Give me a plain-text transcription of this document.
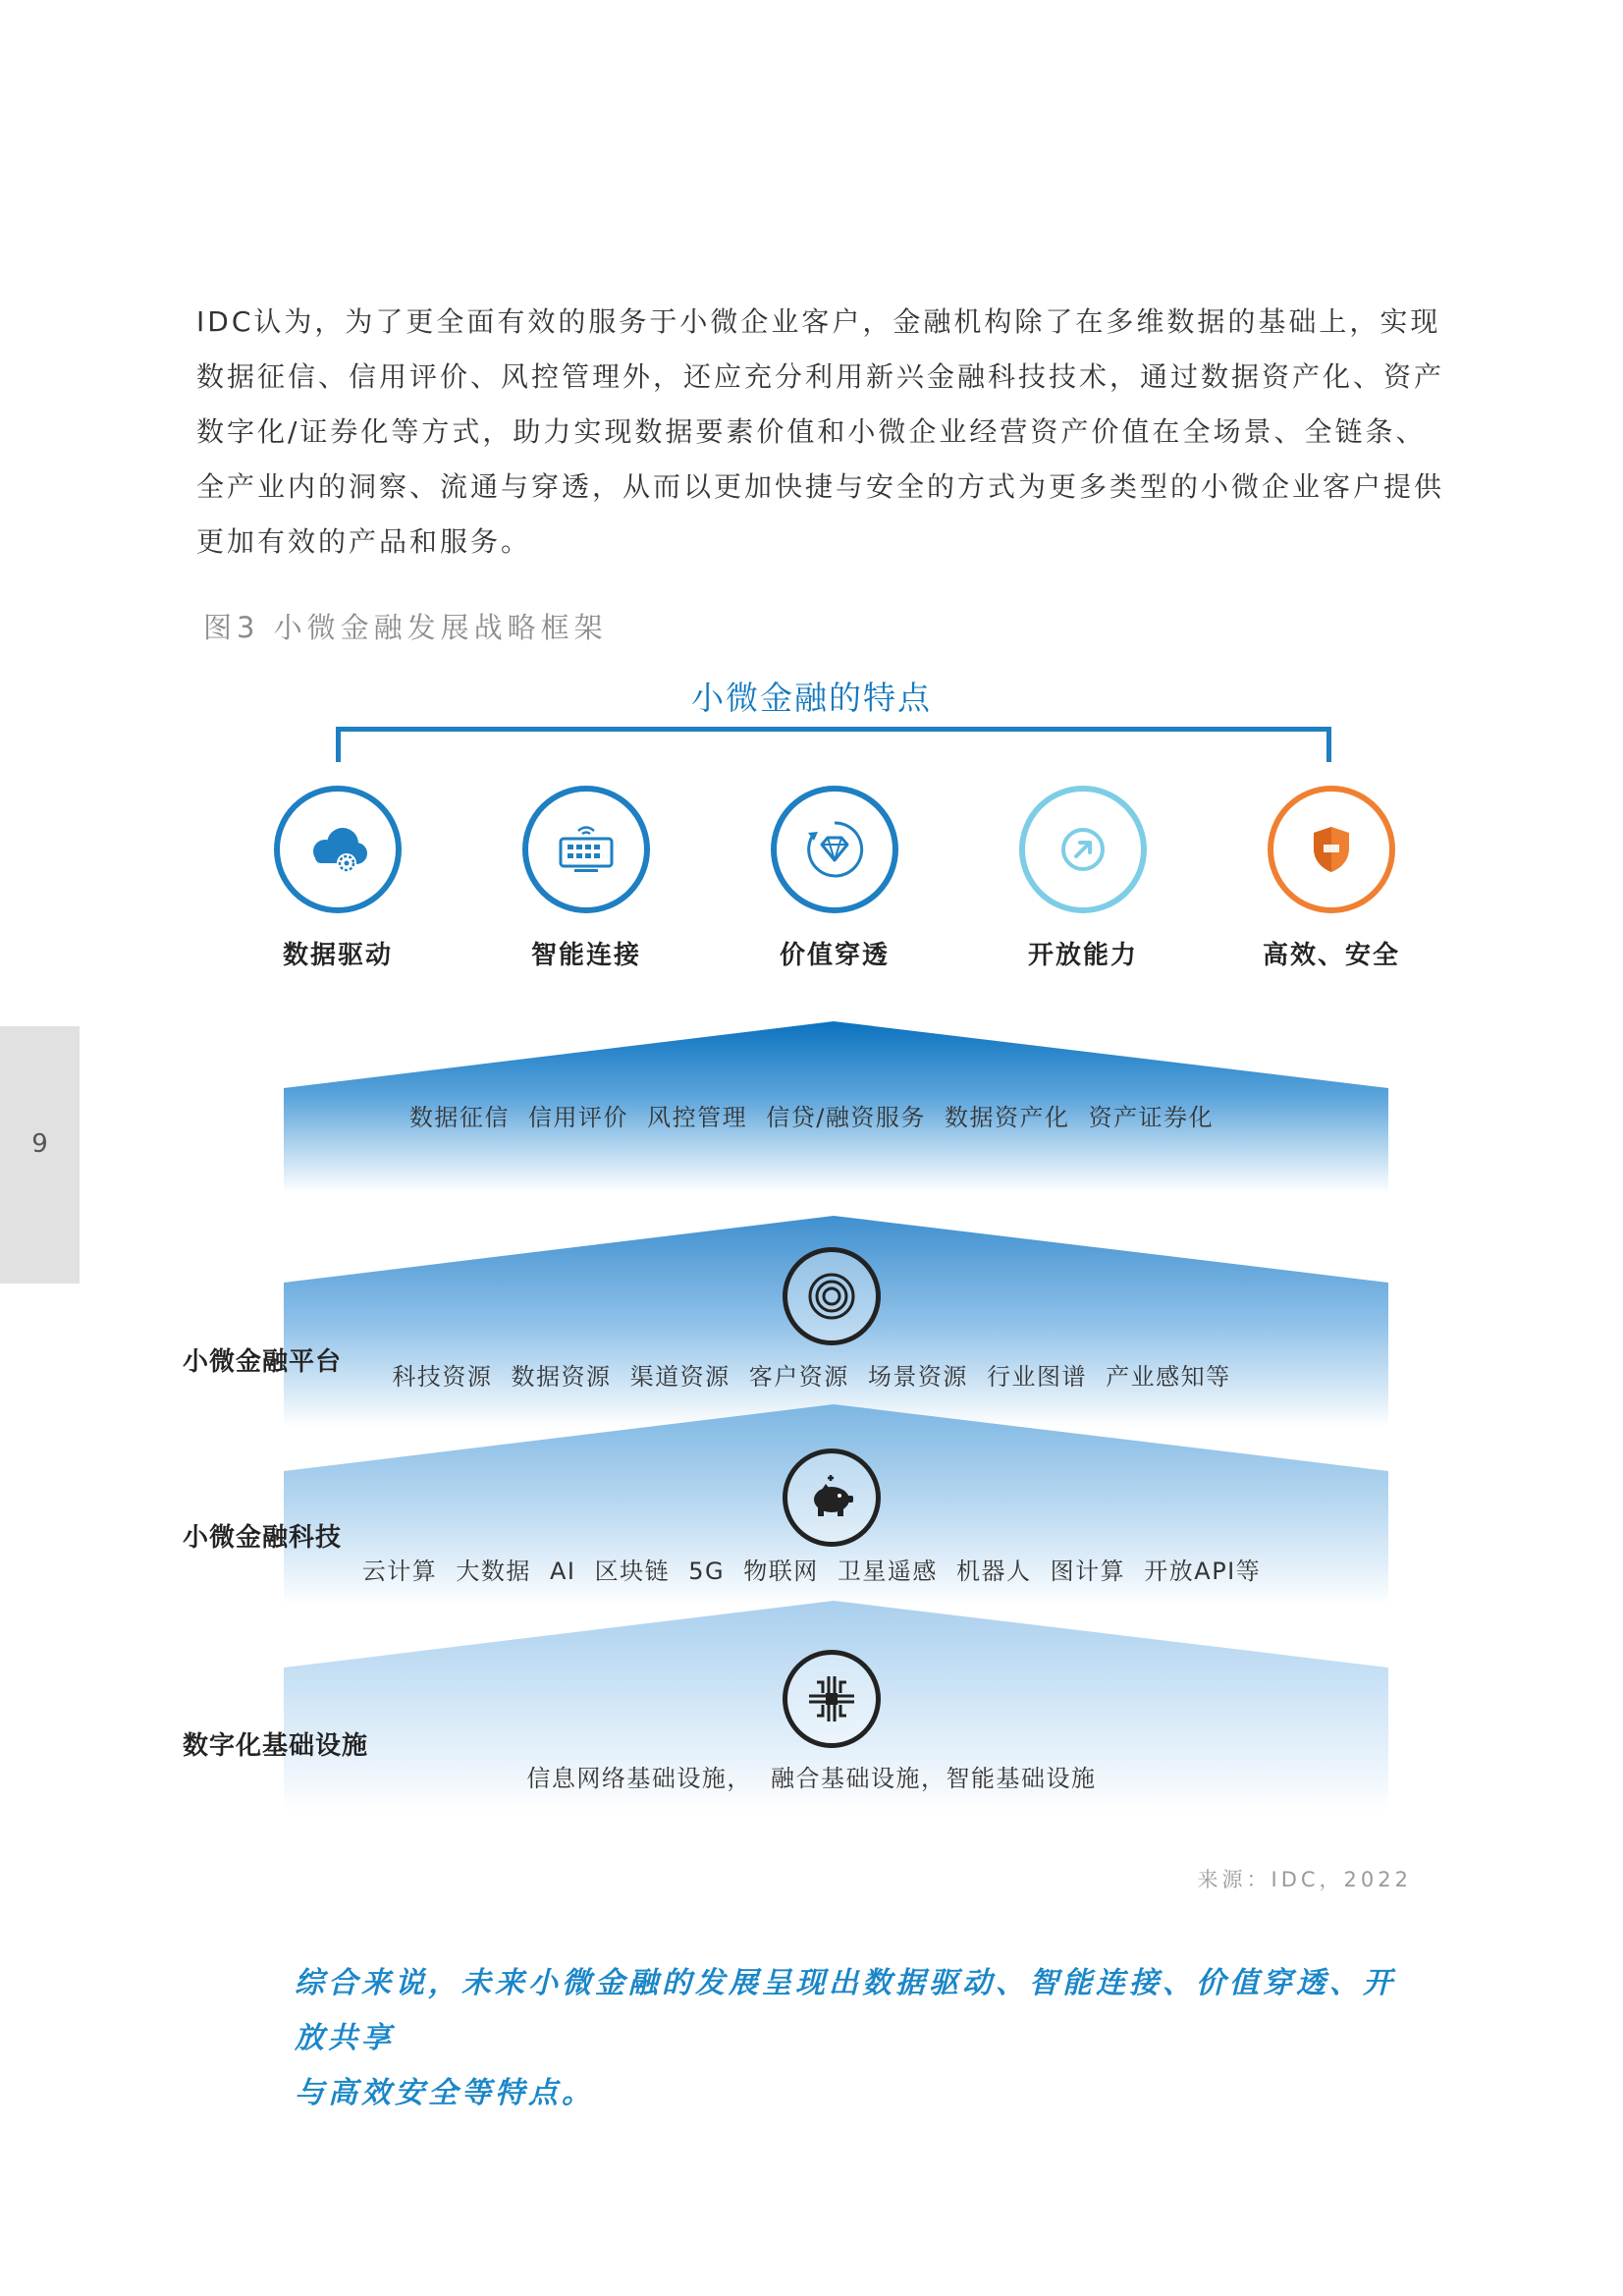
9

IDC认为，为了更全面有效的服务于小微企业客户，金融机构除了在多维数据的基础上，实现

数据征信、信用评价、风控管理外，还应充分利用新兴金融科技技术，通过数据资产化、资产

数字化/证券化等方式，助力实现数据要素价值和小微企业经营资产价值在全场景、全链条、

全产业内的洞察、流通与穿透，从而以更加快捷与安全的方式为更多类型的小微企业客户提供

更加有效的产品和服务。

图3 小微金融发展战略框架
小微金融的特点
数据驱动	智能连接	价值穿透	开放能力	高效、安全
数据征信 信用评价 风控管理 信贷/融资服务 数据资产化 资产证券化
小微金融平台	科技资源 数据资源 渠道资源 客户资源 场景资源 行业图谱 产业感知等
小微金融科技
云计算 大数据 AI 区块链 5G 物联网 卫星遥感 机器人 图计算 开放API等
数字化基础设施
信息网络基础设施， 融合基础设施，智能基础设施
来源：IDC，2022

综合来说，未来小微金融的发展呈现出数据驱动、智能连接、价值穿透、开放共享

与高效安全等特点。
